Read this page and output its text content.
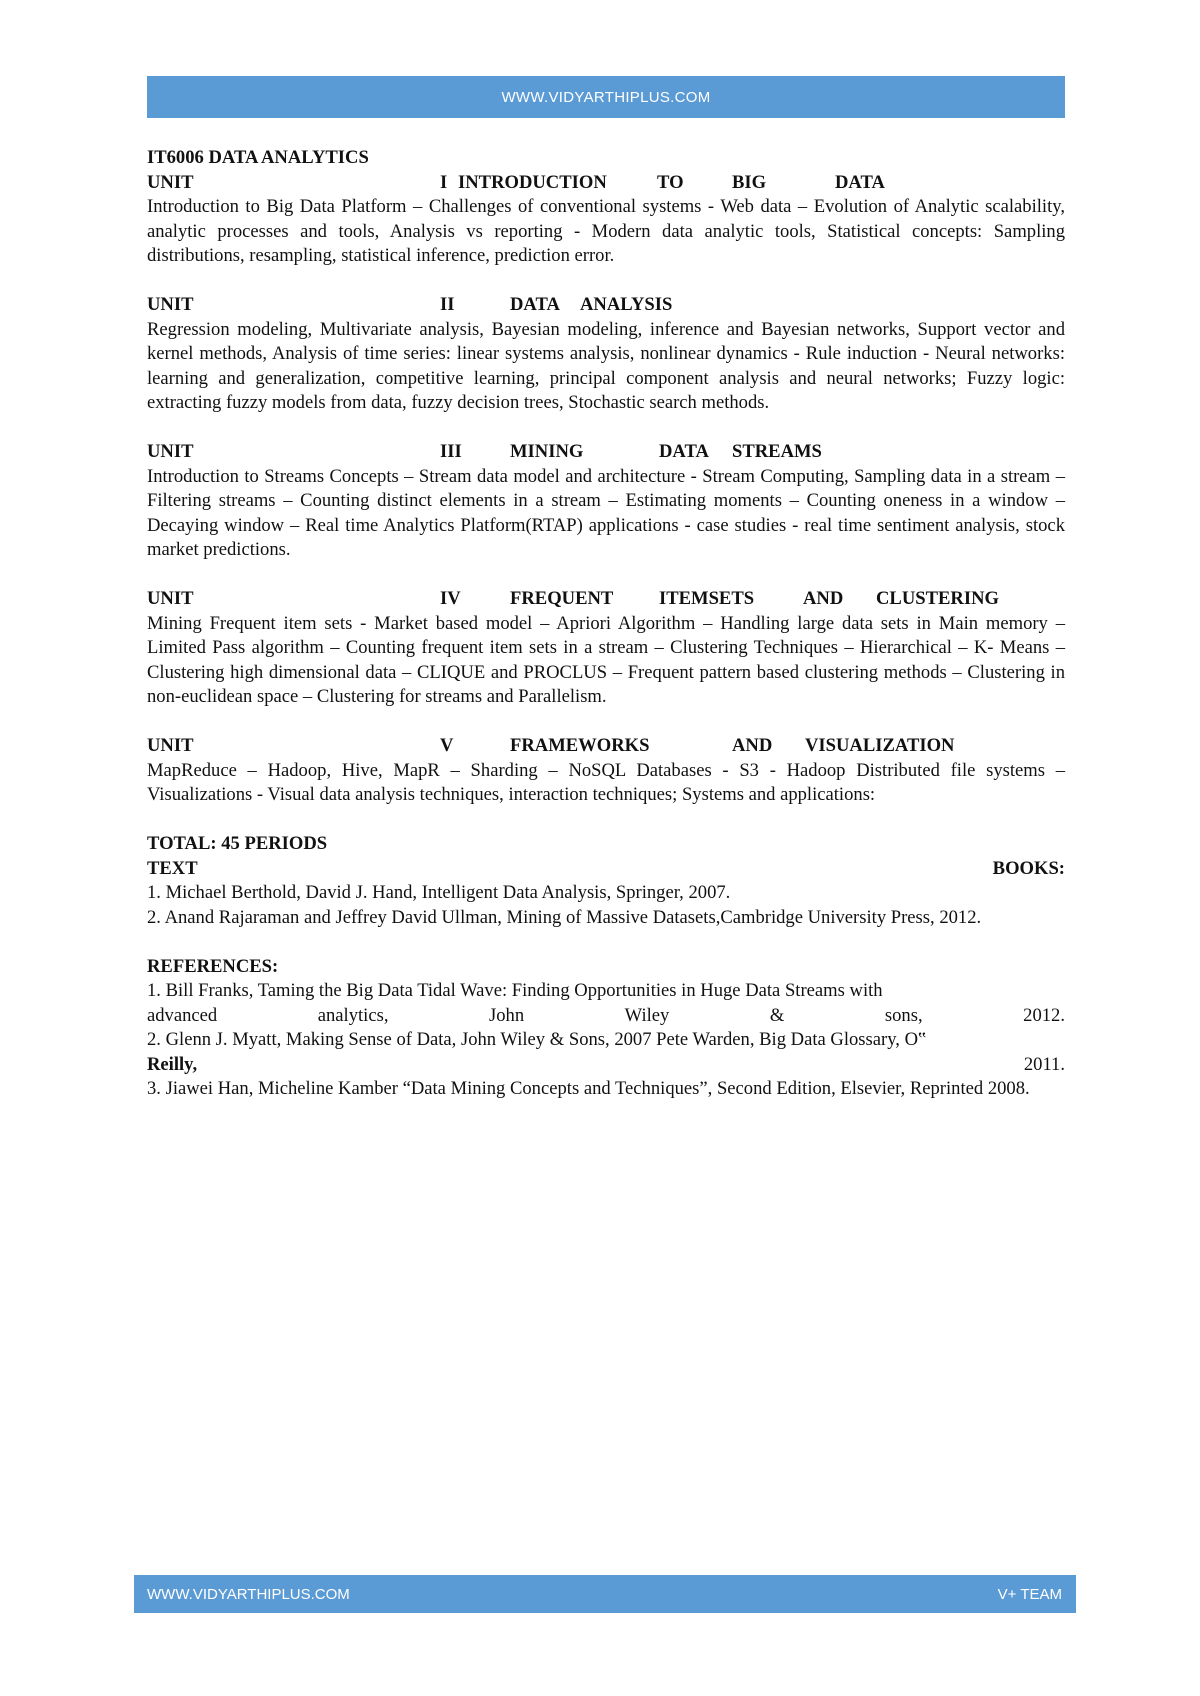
WWW.VIDYARTHIPLUS.COM
IT6006 DATA ANALYTICS
UNIT	I INTRODUCTION	TO	BIG	DATA
Introduction to Big Data Platform – Challenges of conventional systems - Web data – Evolution of Analytic scalability, analytic processes and tools, Analysis vs reporting - Modern data analytic tools, Statistical concepts: Sampling distributions, resampling, statistical inference, prediction error.
UNIT	II	DATA ANALYSIS
Regression modeling, Multivariate analysis, Bayesian modeling, inference and Bayesian networks, Support vector and kernel methods, Analysis of time series: linear systems analysis, nonlinear dynamics - Rule induction - Neural networks: learning and generalization, competitive learning, principal component analysis and neural networks; Fuzzy logic: extracting fuzzy models from data, fuzzy decision trees, Stochastic search methods.
UNIT	III	MINING	DATA STREAMS
Introduction to Streams Concepts – Stream data model and architecture - Stream Computing, Sampling data in a stream – Filtering streams – Counting distinct elements in a stream – Estimating moments – Counting oneness in a window – Decaying window – Real time Analytics Platform(RTAP) applications - case studies - real time sentiment analysis, stock market predictions.
UNIT	IV	FREQUENT ITEMSETS	AND CLUSTERING
Mining Frequent item sets - Market based model – Apriori Algorithm – Handling large data sets in Main memory – Limited Pass algorithm – Counting frequent item sets in a stream – Clustering Techniques – Hierarchical – K- Means – Clustering high dimensional data – CLIQUE and PROCLUS – Frequent pattern based clustering methods – Clustering in non-euclidean space – Clustering for streams and Parallelism.
UNIT	V	FRAMEWORKS	AND VISUALIZATION
MapReduce – Hadoop, Hive, MapR – Sharding – NoSQL Databases - S3 - Hadoop Distributed file systems – Visualizations - Visual data analysis techniques, interaction techniques; Systems and applications:
TOTAL: 45 PERIODS
TEXT	BOOKS:
1. Michael Berthold, David J. Hand, Intelligent Data Analysis, Springer, 2007.
2. Anand Rajaraman and Jeffrey David Ullman, Mining of Massive Datasets,Cambridge University Press, 2012.
REFERENCES:
1. Bill Franks, Taming the Big Data Tidal Wave: Finding Opportunities in Huge Data Streams with
advanced	analytics,	John	Wiley	&	sons,	2012.
2. Glenn J. Myatt, Making Sense of Data, John Wiley & Sons, 2007 Pete Warden, Big Data Glossary, O‟
Reilly,	2011.
3. Jiawei Han, Micheline Kamber “Data Mining Concepts and Techniques”, Second Edition, Elsevier, Reprinted 2008.
WWW.VIDYARTHIPLUS.COM	V+ TEAM
